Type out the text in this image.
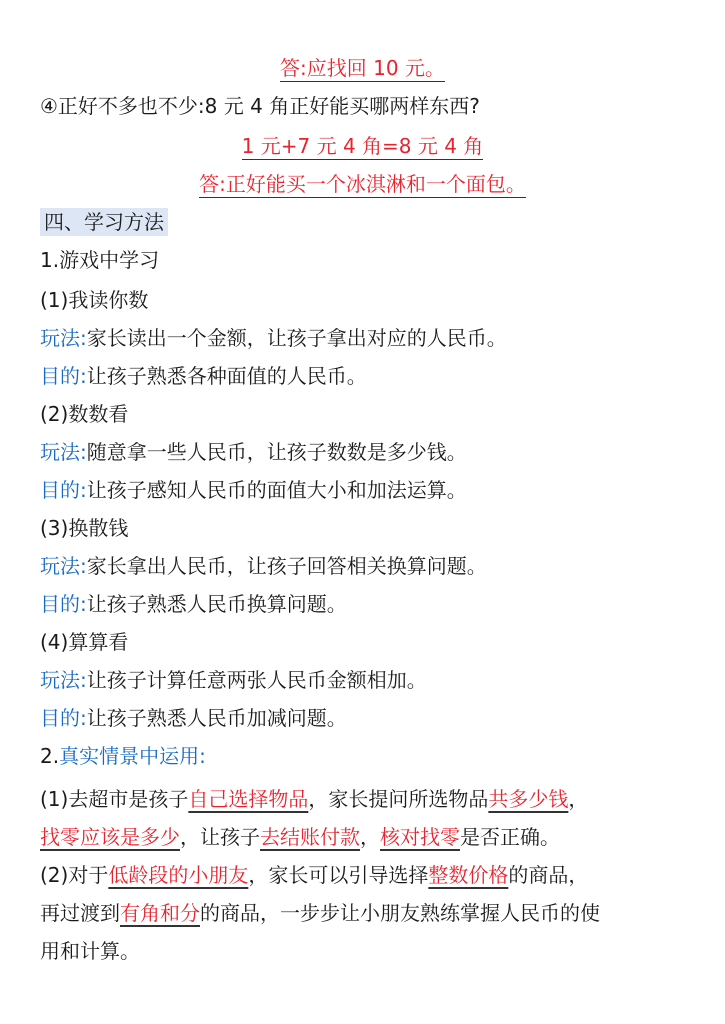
答:应找回 10 元。
④正好不多也不少:8 元 4 角正好能买哪两样东西?
1 元+7 元 4 角=8 元 4 角
答:正好能买一个冰淇淋和一个面包。
四、学习方法
1.游戏中学习
(1)我读你数
玩法:家长读出一个金额，让孩子拿出对应的人民币。
目的:让孩子熟悉各种面值的人民币。
(2)数数看
玩法:随意拿一些人民币，让孩子数数是多少钱。
目的:让孩子感知人民币的面值大小和加法运算。
(3)换散钱
玩法:家长拿出人民币，让孩子回答相关换算问题。
目的:让孩子熟悉人民币换算问题。
(4)算算看
玩法:让孩子计算任意两张人民币金额相加。
目的:让孩子熟悉人民币加减问题。
2.真实情景中运用:
(1)去超市是孩子自己选择物品，家长提问所选物品共多少钱，
找零应该是多少，让孩子去结账付款，核对找零是否正确。
(2)对于低龄段的小朋友，家长可以引导选择整数价格的商品，
再过渡到有角和分的商品，一步步让小朋友熟练掌握人民币的使
用和计算。
